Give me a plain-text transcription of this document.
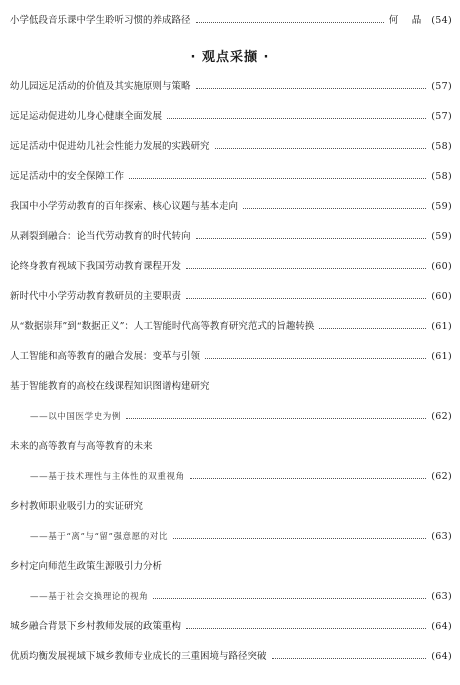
小学低段音乐课中学生聆听习惯的养成路径	何　晶 (54)
· 观点采撷 ·
幼儿园远足活动的价值及其实施原则与策略	(57)
远足运动促进幼儿身心健康全面发展	(57)
远足活动中促进幼儿社会性能力发展的实践研究	(58)
远足活动中的安全保障工作	(58)
我国中小学劳动教育的百年探索、核心议题与基本走向	(59)
从剥裂到融合：论当代劳动教育的时代转向	(59)
论终身教育视域下我国劳动教育课程开发	(60)
新时代中小学劳动教育教研员的主要职责	(60)
从“数据崇拜”到“数据正义”：人工智能时代高等教育研究范式的旨趣转换	(61)
人工智能和高等教育的融合发展：变革与引领	(61)
基于智能教育的高校在线课程知识图谱构建研究
——以中国医学史为例	(62)
未来的高等教育与高等教育的未来
——基于技术理性与主体性的双重视角	(62)
乡村教师职业吸引力的实证研究
——基于“离”与“留”强意愿的对比	(63)
乡村定向师范生政策生源吸引力分析
——基于社会交换理论的视角	(63)
城乡融合背景下乡村教师发展的政策重构	(64)
优质均衡发展视域下城乡教师专业成长的三重困境与路径突破	(64)
